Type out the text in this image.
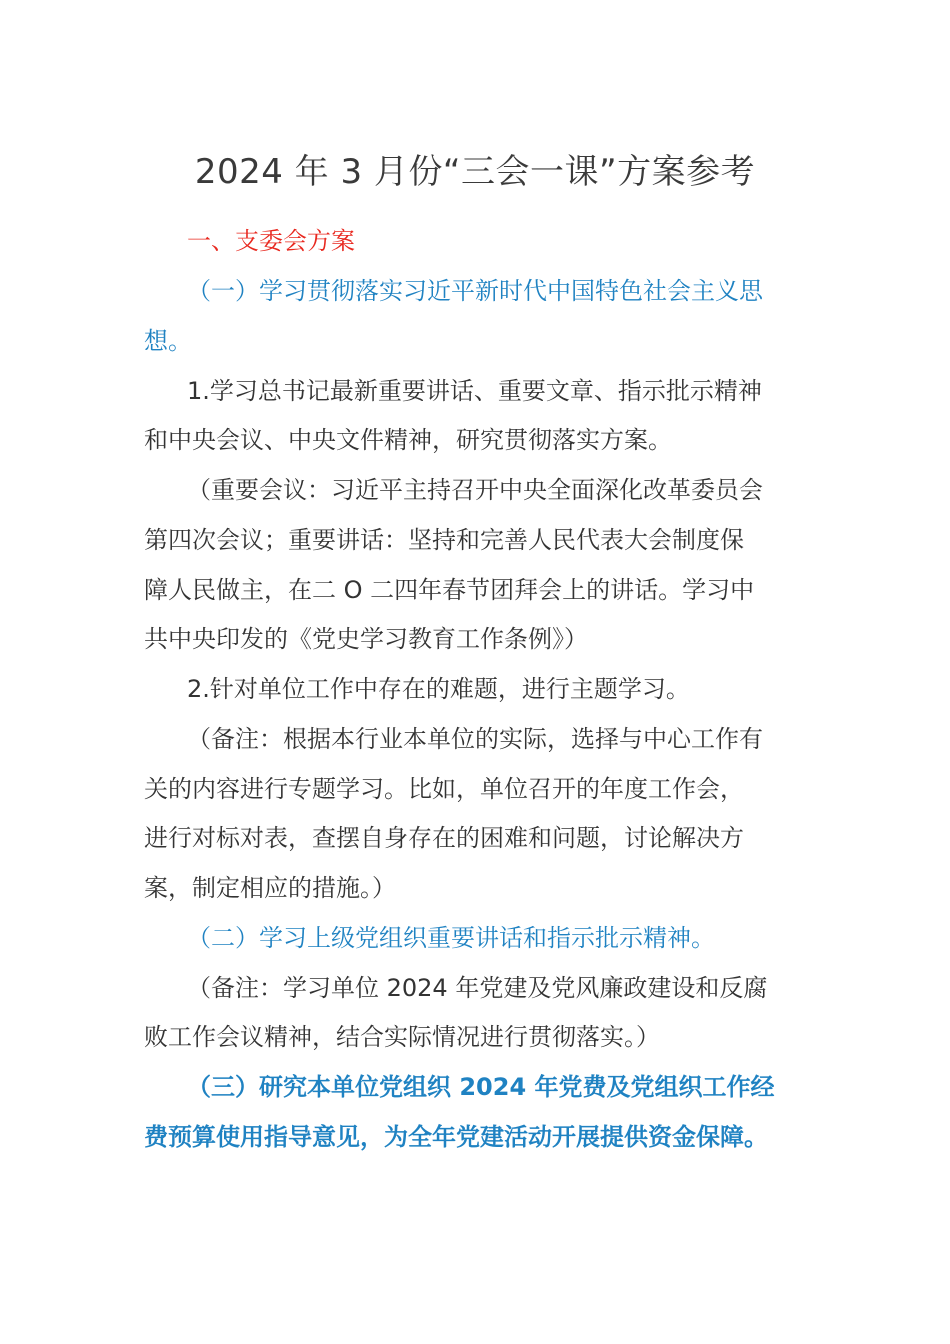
2024 年 3 月份“三会一课”方案参考
一、支委会方案
（一）学习贯彻落实习近平新时代中国特色社会主义思
想。
1.学习总书记最新重要讲话、重要文章、指示批示精神
和中央会议、中央文件精神，研究贯彻落实方案。
（重要会议：习近平主持召开中央全面深化改革委员会
第四次会议；重要讲话：坚持和完善人民代表大会制度保
障人民做主，在二 O 二四年春节团拜会上的讲话。学习中
共中央印发的《党史学习教育工作条例》）
2.针对单位工作中存在的难题，进行主题学习。
（备注：根据本行业本单位的实际，选择与中心工作有
关的内容进行专题学习。比如，单位召开的年度工作会，
进行对标对表，查摆自身存在的困难和问题，讨论解决方
案，制定相应的措施。）
（二）学习上级党组织重要讲话和指示批示精神。
（备注：学习单位 2024 年党建及党风廉政建设和反腐
败工作会议精神，结合实际情况进行贯彻落实。）
（三）研究本单位党组织 2024 年党费及党组织工作经
费预算使用指导意见，为全年党建活动开展提供资金保障。
